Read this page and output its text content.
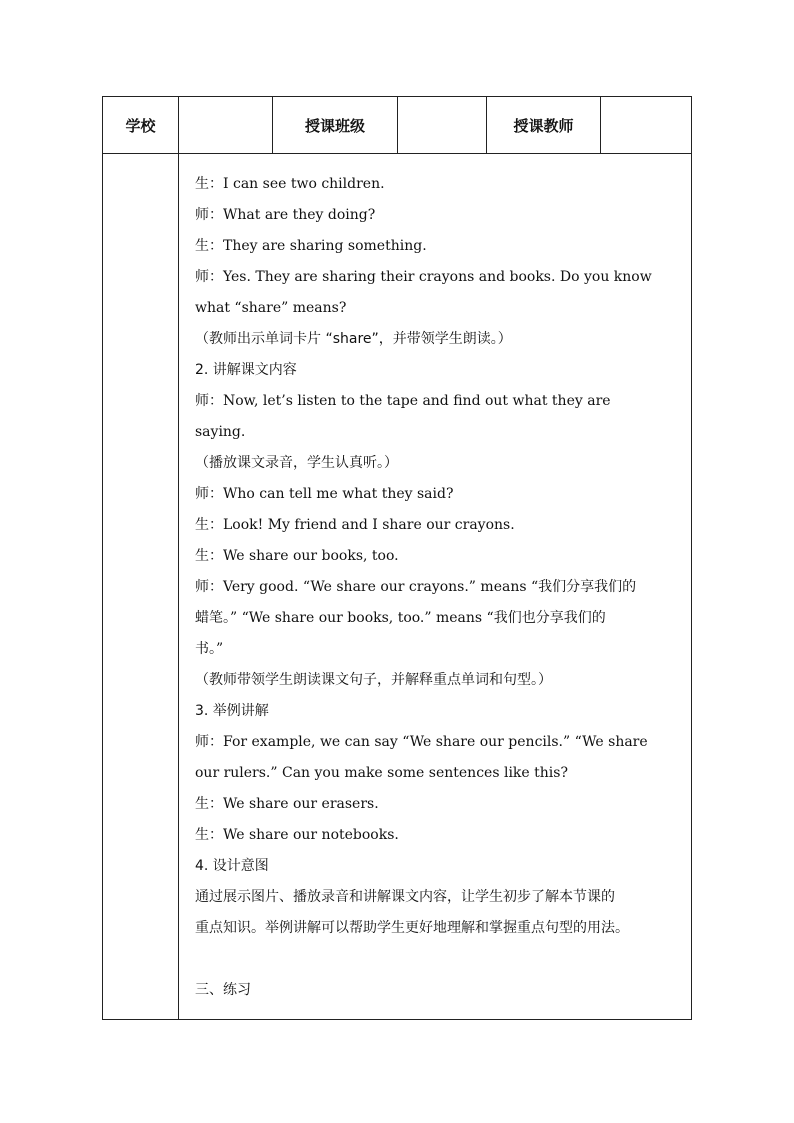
学校	授课班级	授课教师
生：I can see two children.
师：What are they doing?
生：They are sharing something.
师：Yes. They are sharing their crayons and books. Do you know
what “share” means?
（教师出示单词卡片 “share”，并带领学生朗读。）
2. 讲解课文内容
师：Now, let’s listen to the tape and find out what they are
saying.
（播放课文录音，学生认真听。）
师：Who can tell me what they said?
生：Look! My friend and I share our crayons.
生：We share our books, too.
师：Very good. “We share our crayons.” means “我们分享我们的
蜡笔。” “We share our books, too.” means “我们也分享我们的
书。”
（教师带领学生朗读课文句子，并解释重点单词和句型。）
3. 举例讲解
师：For example, we can say “We share our pencils.” “We share
our rulers.” Can you make some sentences like this?
生：We share our erasers.
生：We share our notebooks.
4. 设计意图
通过展示图片、播放录音和讲解课文内容，让学生初步了解本节课的
重点知识。举例讲解可以帮助学生更好地理解和掌握重点句型的用法。
三、练习
